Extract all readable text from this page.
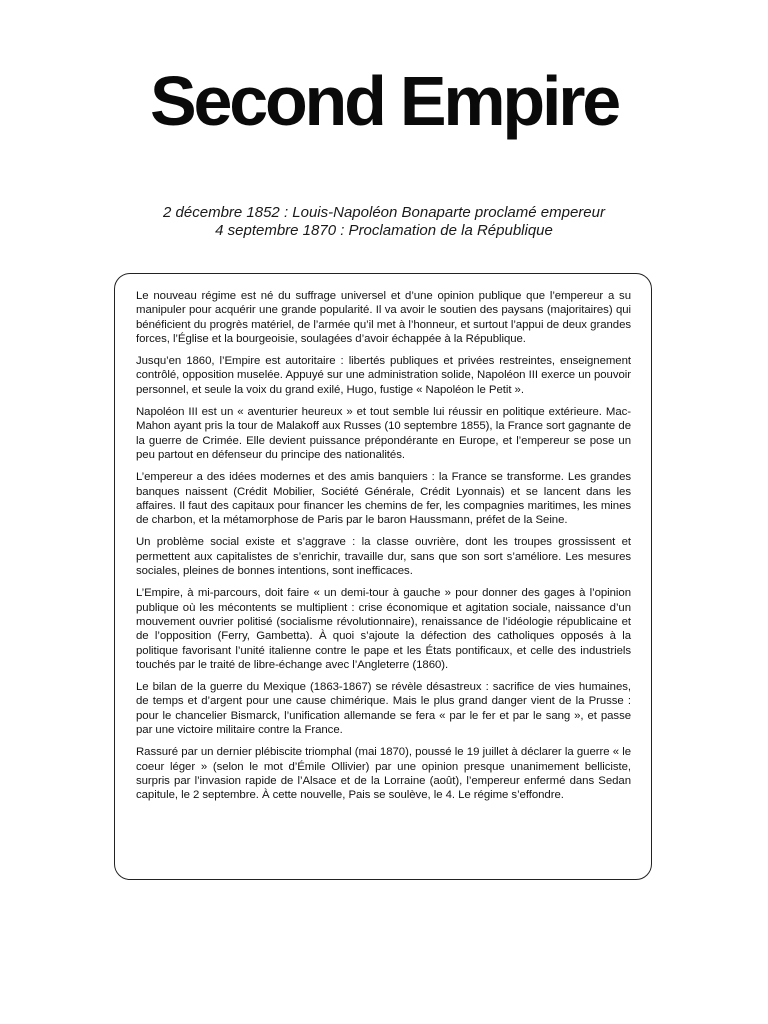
Second Empire
2 décembre 1852 : Louis-Napoléon Bonaparte proclamé empereur
4 septembre 1870 : Proclamation de la République

Le nouveau régime est né du suffrage universel et d’une opinion publique que l’empereur a su manipuler pour acquérir une grande popularité. Il va avoir le soutien des paysans (majoritaires) qui bénéficient du progrès matériel, de l’armée qu’il met à l’honneur, et surtout l’appui de deux grandes forces, l’Église et la bourgeoisie, soulagées d’avoir échappée à la République.

Jusqu’en 1860, l’Empire est autoritaire : libertés publiques et privées restreintes, enseignement contrôlé, opposition muselée. Appuyé sur une administration solide, Napoléon III exerce un pouvoir personnel, et seule la voix du grand exilé, Hugo, fustige « Napoléon le Petit ».

Napoléon III est un « aventurier heureux » et tout semble lui réussir en politique extérieure. Mac-Mahon ayant pris la tour de Malakoff aux Russes (10 septembre 1855), la France sort gagnante de la guerre de Crimée. Elle devient puissance prépondérante en Europe, et l’empereur se pose un peu partout en défenseur du principe des nationalités.

L’empereur a des idées modernes et des amis banquiers : la France se transforme. Les grandes banques naissent (Crédit Mobilier, Société Générale, Crédit Lyonnais) et se lancent dans les affaires. Il faut des capitaux pour financer les chemins de fer, les compagnies maritimes, les mines de charbon, et la métamorphose de Paris par le baron Haussmann, préfet de la Seine.

Un problème social existe et s’aggrave : la classe ouvrière, dont les troupes grossissent et permettent aux capitalistes de s’enrichir, travaille dur, sans que son sort s’améliore. Les mesures sociales, pleines de bonnes intentions, sont inefficaces.

L’Empire, à mi-parcours, doit faire « un demi-tour à gauche » pour donner des gages à l’opinion publique où les mécontents se multiplient : crise économique et agitation sociale, naissance d’un mouvement ouvrier politisé (socialisme révolutionnaire), renaissance de l’idéologie républicaine et de l’opposition (Ferry, Gambetta). À quoi s’ajoute la défection des catholiques opposés à la politique favorisant l’unité italienne contre le pape et les États pontificaux, et celle des industriels touchés par le traité de libre-échange avec l’Angleterre (1860).

Le bilan de la guerre du Mexique (1863-1867) se révèle désastreux : sacrifice de vies humaines, de temps et d’argent pour une cause chimérique. Mais le plus grand danger vient de la Prusse : pour le chancelier Bismarck, l’unification allemande se fera « par le fer et par le sang », et passe par une victoire militaire contre la France.

Rassuré par un dernier plébiscite triomphal (mai 1870), poussé le 19 juillet à déclarer la guerre « le coeur léger » (selon le mot d’Émile Ollivier) par une opinion presque unanimement belliciste, surpris par l’invasion rapide de l’Alsace et de la Lorraine (août), l’empereur enfermé dans Sedan capitule, le 2 septembre. À cette nouvelle, Pais se soulève, le 4. Le régime s’effondre.
